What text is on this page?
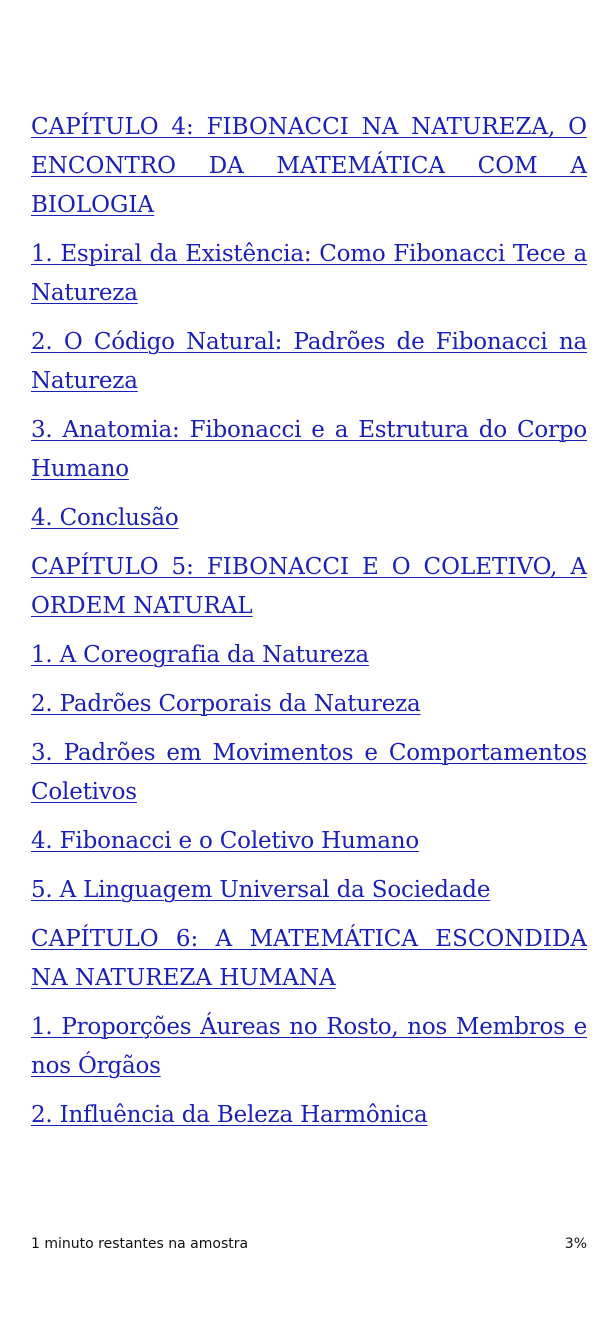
CAPÍTULO 4: FIBONACCI NA NATUREZA, O ENCONTRO DA MATEMÁTICA COM A BIOLOGIA
1. Espiral da Existência: Como Fibonacci Tece a Natureza
2. O Código Natural: Padrões de Fibonacci na Natureza
3. Anatomia: Fibonacci e a Estrutura do Corpo Humano
4. Conclusão
CAPÍTULO 5: FIBONACCI E O COLETIVO, A ORDEM NATURAL
1. A Coreografia da Natureza
2. Padrões Corporais da Natureza
3. Padrões em Movimentos e Comportamentos Coletivos
4. Fibonacci e o Coletivo Humano
5. A Linguagem Universal da Sociedade
CAPÍTULO 6: A MATEMÁTICA ESCONDIDA NA NATUREZA HUMANA
1. Proporções Áureas no Rosto, nos Membros e nos Órgãos
2. Influência da Beleza Harmônica
1 minuto restantes na amostra	3%
